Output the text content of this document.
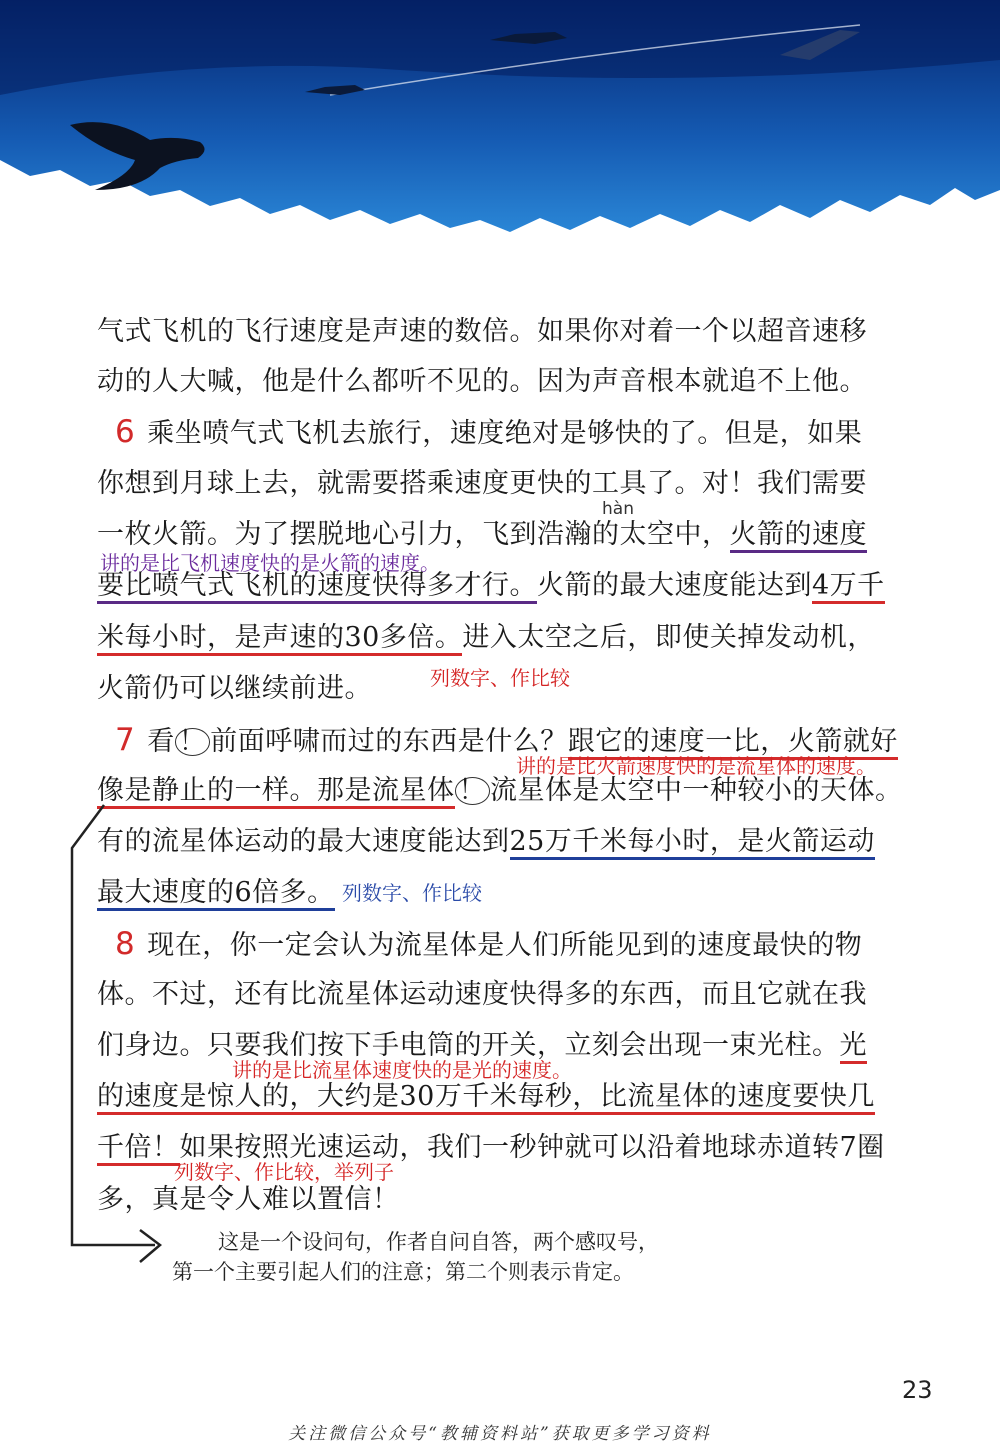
气式飞机的飞行速度是声速的数倍。如果你对着一个以超音速移
动的人大喊，他是什么都听不见的。因为声音根本就追不上他。
6 乘坐喷气式飞机去旅行，速度绝对是够快的了。但是，如果
你想到月球上去，就需要搭乘速度更快的工具了。对！我们需要
hàn
一枚火箭。为了摆脱地心引力，飞到浩瀚的太空中，火箭的速度
讲的是比飞机速度快的是火箭的速度。
要比喷气式飞机的速度快得多才行。火箭的最大速度能达到4万千
米每小时，是声速的30多倍。进入太空之后，即使关掉发动机，
火箭仍可以继续前进。	列数字、作比较
7 看 ！ 前面呼啸而过的东西是什么？跟它的速度一比，火箭就好
讲的是比火箭速度快的是流星体的速度。
像是静止的一样。那是流星体 ！ 流星体是太空中一种较小的天体。
有的流星体运动的最大速度能达到25万千米每小时，是火箭运动
最大速度的6倍多。 列数字、作比较
8 现在，你一定会认为流星体是人们所能见到的速度最快的物
体。不过，还有比流星体运动速度快得多的东西，而且它就在我
们身边。只要我们按下手电筒的开关，立刻会出现一束光柱。光
讲的是比流星体速度快的是光的速度。
的速度是惊人的，大约是30万千米每秒，比流星体的速度要快几
千倍！如果按照光速运动，我们一秒钟就可以沿着地球赤道转7圈
列数字、作比较，举列子
多，真是令人难以置信！
这是一个设问句，作者自问自答，两个感叹号，
第一个主要引起人们的注意；第二个则表示肯定。
23
关注微信公众号“教辅资料站”获取更多学习资料
